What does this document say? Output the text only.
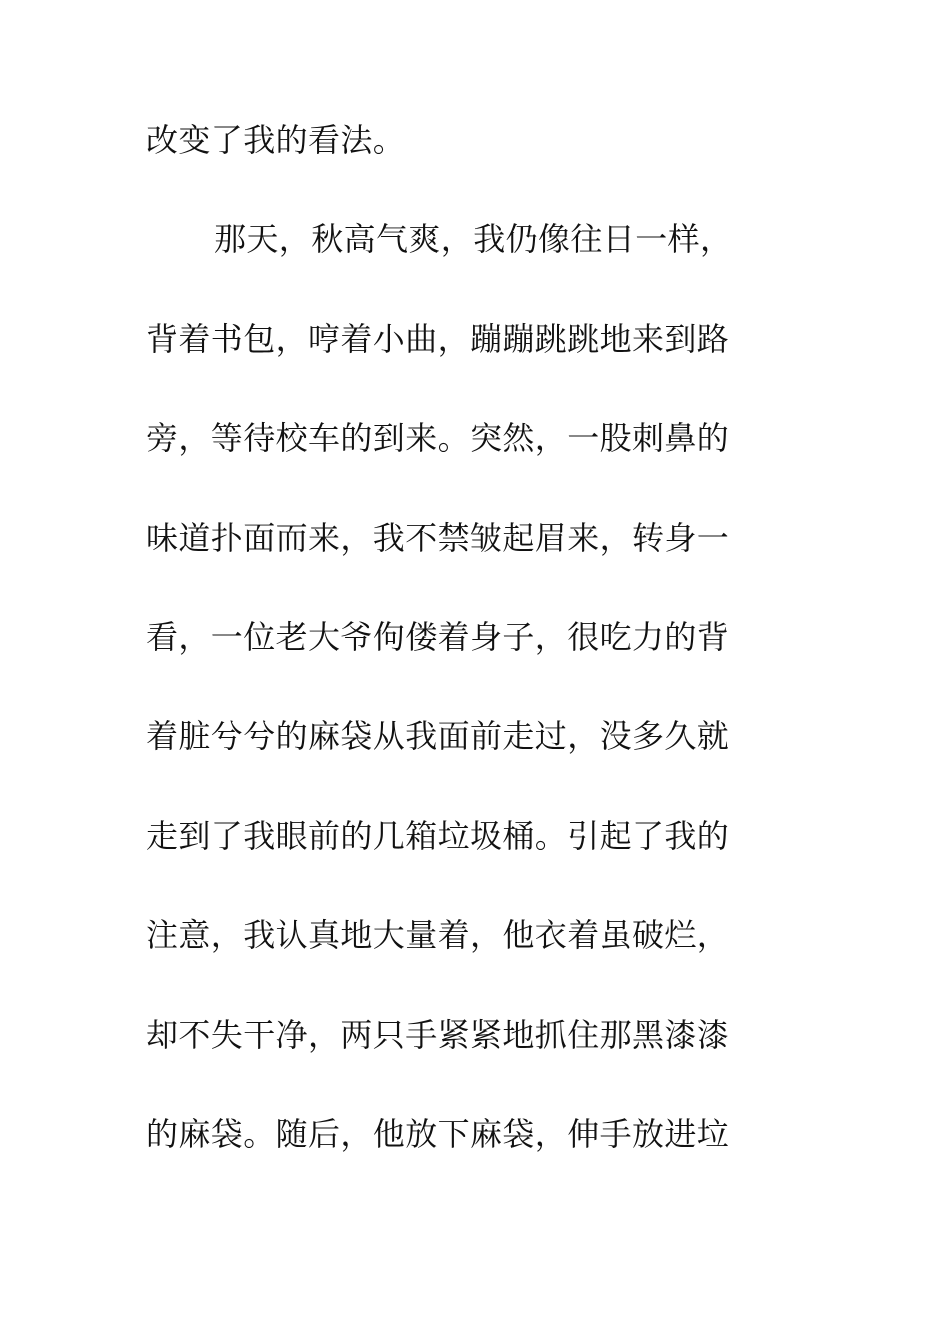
改变了我的看法。
那天，秋高气爽，我仍像往日一样，
背着书包，哼着小曲，蹦蹦跳跳地来到路
旁，等待校车的到来。突然，一股刺鼻的
味道扑面而来，我不禁皱起眉来，转身一
看，一位老大爷佝偻着身子，很吃力的背
着脏兮兮的麻袋从我面前走过，没多久就
走到了我眼前的几箱垃圾桶。引起了我的
注意，我认真地大量着，他衣着虽破烂，
却不失干净，两只手紧紧地抓住那黑漆漆
的麻袋。随后，他放下麻袋，伸手放进垃
